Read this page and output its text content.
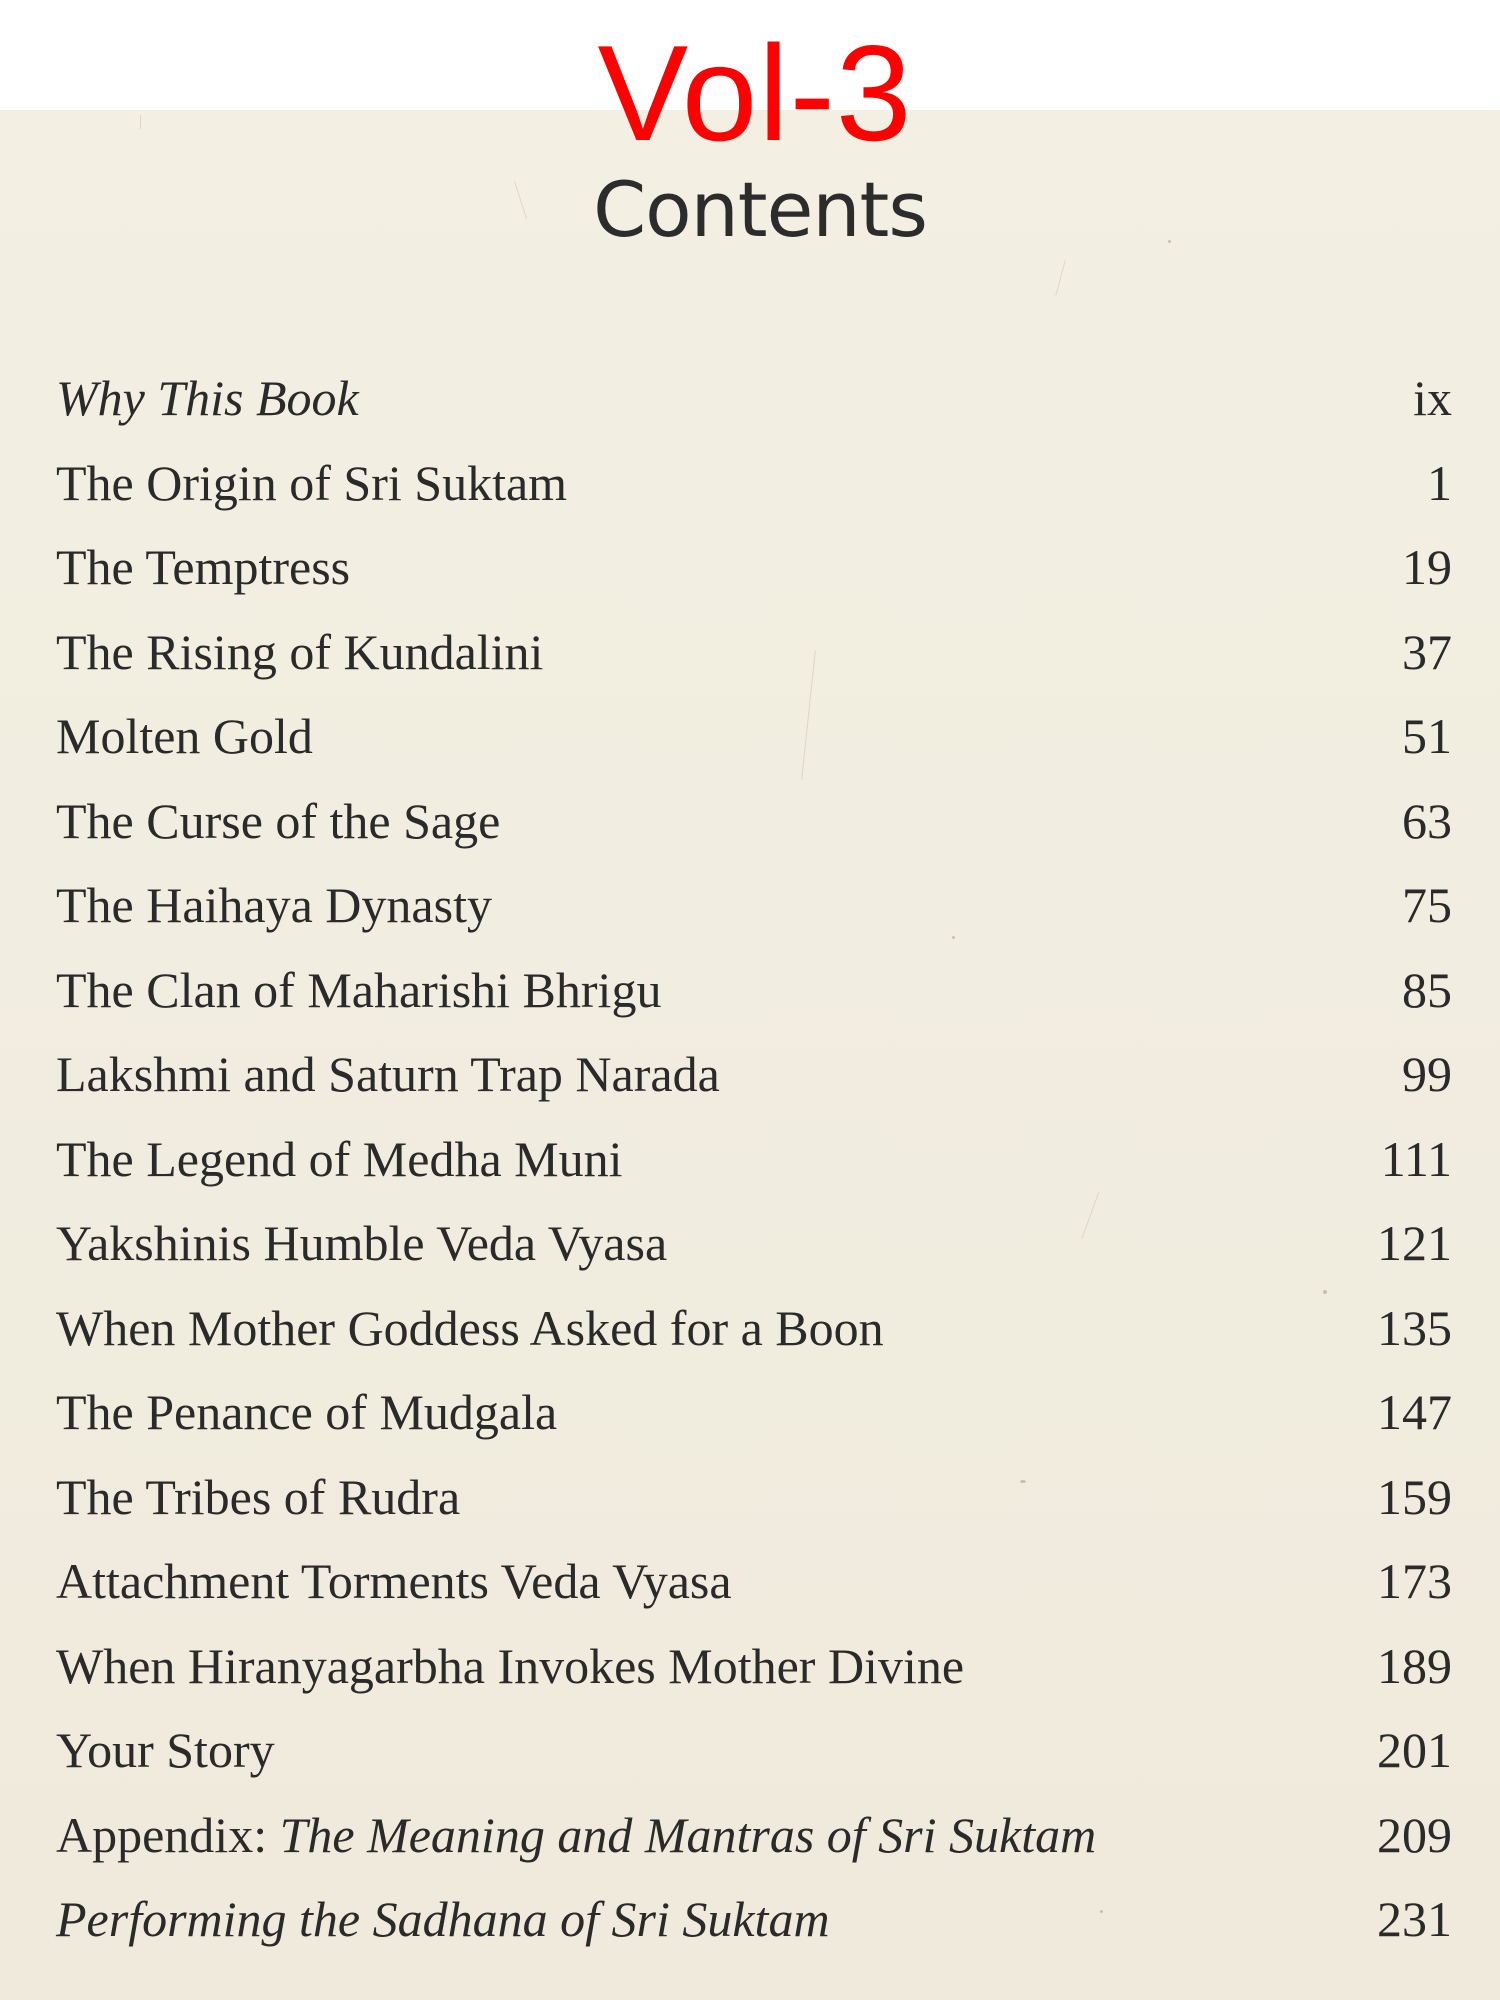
Vol-3
Contents
Why This Book	ix
The Origin of Sri Suktam	1
The Temptress	19
The Rising of Kundalini	37
Molten Gold	51
The Curse of the Sage	63
The Haihaya Dynasty	75
The Clan of Maharishi Bhrigu	85
Lakshmi and Saturn Trap Narada	99
The Legend of Medha Muni	111
Yakshinis Humble Veda Vyasa	121
When Mother Goddess Asked for a Boon	135
The Penance of Mudgala	147
The Tribes of Rudra	159
Attachment Torments Veda Vyasa	173
When Hiranyagarbha Invokes Mother Divine	189
Your Story	201
Appendix: The Meaning and Mantras of Sri Suktam	209
Performing the Sadhana of Sri Suktam	231
